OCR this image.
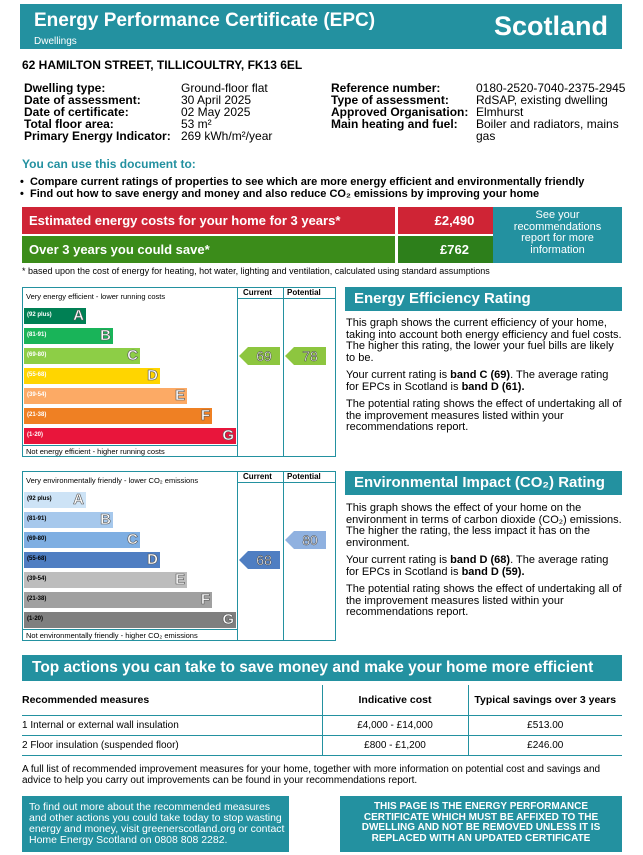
Energy Performance Certificate (EPC)
Dwellings
Scotland
62 HAMILTON STREET, TILLICOULTRY, FK13 6EL
Dwelling type:	Ground-floor flat
Date of assessment:	30 April 2025
Date of certificate:	02 May 2025
Total floor area:	53 m²
Primary Energy Indicator: 269 kWh/m²/year
Reference number:	0180-2520-7040-2375-2945
Type of assessment: RdSAP, existing dwelling
Approved Organisation: Elmhurst
Main heating and fuel: Boiler and radiators, mains
gas
You can use this document to:
•  Compare current ratings of properties to see which are more energy efficient and environmentally friendly
•  Find out how to save energy and money and also reduce CO₂ emissions by improving your home
Estimated energy costs for your home for 3 years*	£2,490
Over 3 years you could save*	£762
See your
recommendations
report for more
information
* based upon the cost of energy for heating, hot water, lighting and ventilation, calculated using standard assumptions
Current Potential
Very energy efficient - lower running costs
Not energy efficient - higher running costs
(92 plus) A
(81-91)	B
(69-80)	C
(55-68)	D
(39-54)	E
(21-38)	F
(1-20)	G
69	78
Current Potential
Very environmentally friendly - lower CO₂ emissions
Not environmentally friendly - higher CO₂ emissions
(92 plus) A
(81-91)	B
(69-80)	C
(55-68)	D
(39-54)	E
(21-38)	F
(1-20)	G
68
80
Energy Efficiency Rating

This graph shows the current efficiency of your home, taking into account both energy efficiency and fuel costs. The higher this rating, the lower your fuel bills are likely to be.

Your current rating is band C (69). The average rating for EPCs in Scotland is band D (61).

The potential rating shows the effect of undertaking all of the improvement measures listed within your recommendations report.

Environmental Impact (CO₂) Rating

This graph shows the effect of your home on the environment in terms of carbon dioxide (CO₂) emissions. The higher the rating, the less impact it has on the environment.

Your current rating is band D (68). The average rating for EPCs in Scotland is band D (59).

The potential rating shows the effect of undertaking all of the improvement measures listed within your recommendations report.

Top actions you can take to save money and make your home more efficient
Recommended measures	Indicative cost	Typical savings over 3 years
1 Internal or external wall insulation	£4,000 - £14,000	£513.00
2 Floor insulation (suspended floor)	£800 - £1,200	£246.00
A full list of recommended improvement measures for your home, together with more information on potential cost and savings and advice to help you carry out improvements can be found in your recommendations report.
To find out more about the recommended measures and other actions you could take today to stop wasting energy and money, visit greenerscotland.org or contact Home Energy Scotland on 0808 808 2282.
THIS PAGE IS THE ENERGY PERFORMANCE CERTIFICATE WHICH MUST BE AFFIXED TO THE DWELLING AND NOT BE REMOVED UNLESS IT IS REPLACED WITH AN UPDATED CERTIFICATE
